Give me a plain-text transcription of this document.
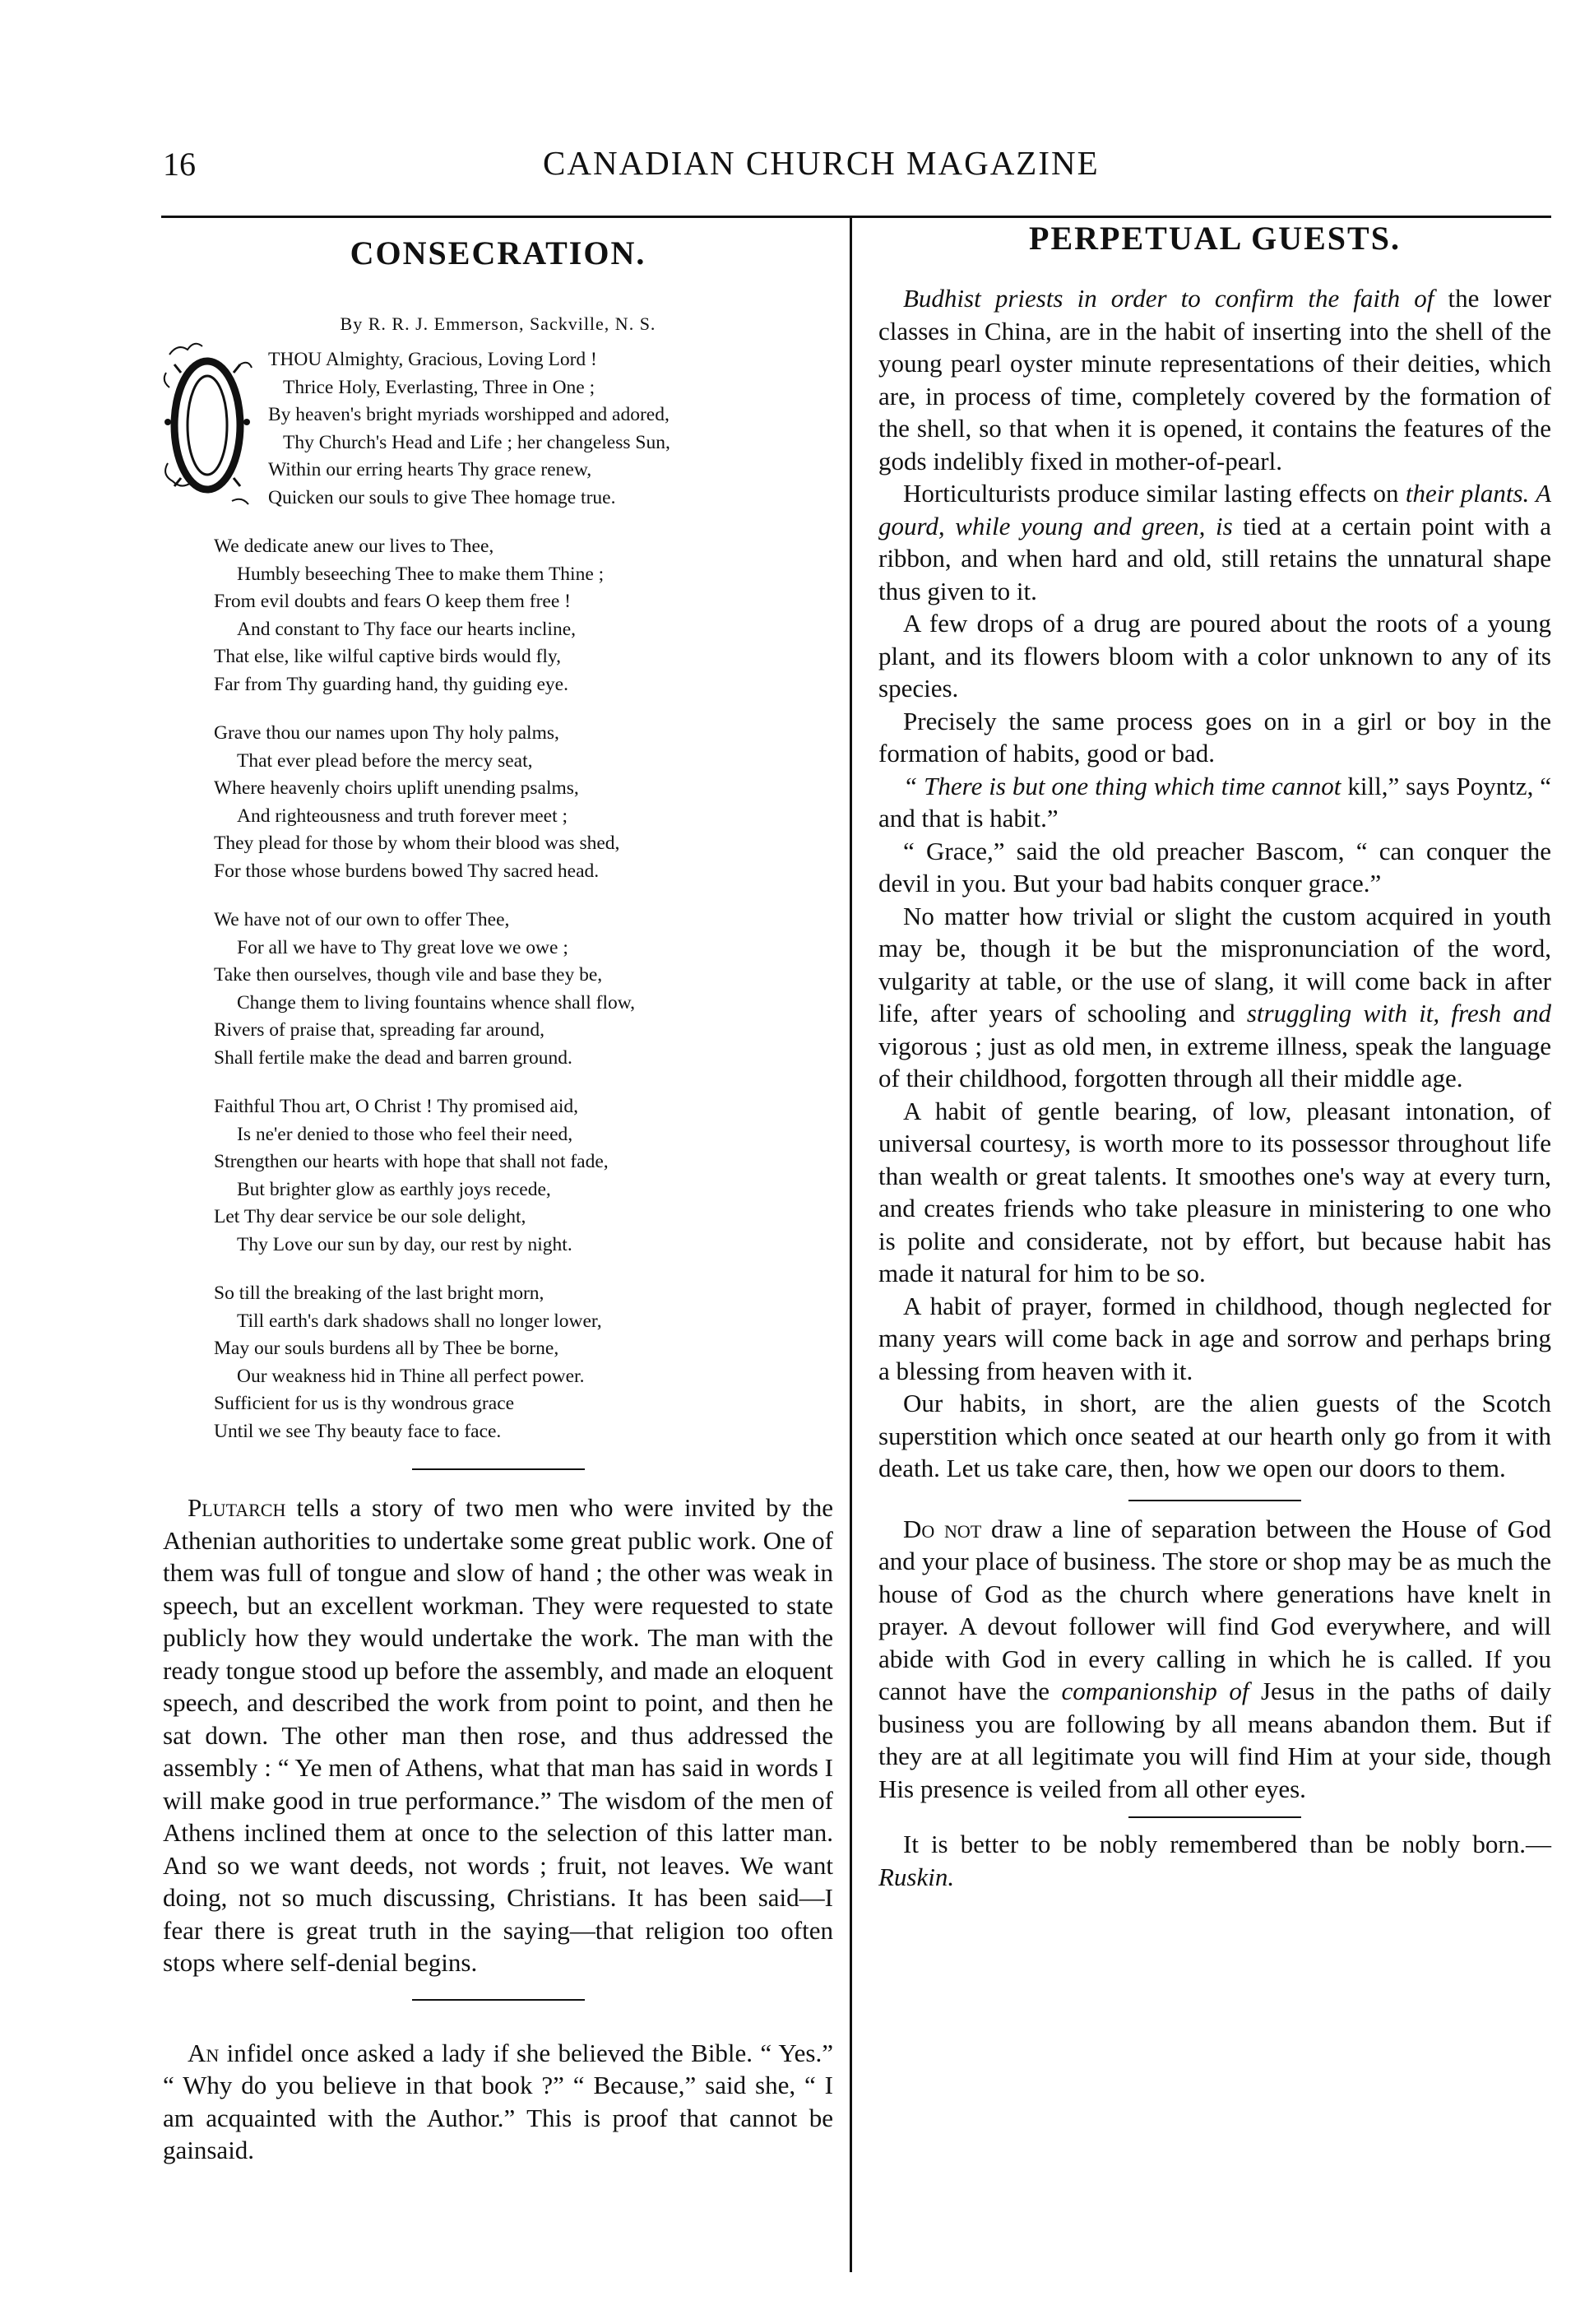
16	CANADIAN CHURCH MAGAZINE
CONSECRATION.
By R. R. J. Emmerson, Sackville, N. S.
THOU Almighty, Gracious, Loving Lord !
Thrice Holy, Everlasting, Three in One ;
By heaven's bright myriads worshipped and adored,
Thy Church's Head and Life ; her changeless Sun,
Within our erring hearts Thy grace renew,
Quicken our souls to give Thee homage true.
We dedicate anew our lives to Thee,
Humbly beseeching Thee to make them Thine ;
From evil doubts and fears O keep them free !
And constant to Thy face our hearts incline,
That else, like wilful captive birds would fly,
Far from Thy guarding hand, thy guiding eye.
Grave thou our names upon Thy holy palms,
That ever plead before the mercy seat,
Where heavenly choirs uplift unending psalms,
And righteousness and truth forever meet ;
They plead for those by whom their blood was shed,
For those whose burdens bowed Thy sacred head.
We have not of our own to offer Thee,
For all we have to Thy great love we owe ;
Take then ourselves, though vile and base they be,
Change them to living fountains whence shall flow,
Rivers of praise that, spreading far around,
Shall fertile make the dead and barren ground.
Faithful Thou art, O Christ ! Thy promised aid,
Is ne'er denied to those who feel their need,
Strengthen our hearts with hope that shall not fade,
But brighter glow as earthly joys recede,
Let Thy dear service be our sole delight,
Thy Love our sun by day, our rest by night.
So till the breaking of the last bright morn,
Till earth's dark shadows shall no longer lower,
May our souls burdens all by Thee be borne,
Our weakness hid in Thine all perfect power.
Sufficient for us is thy wondrous grace
Until we see Thy beauty face to face.

Plutarch tells a story of two men who were invited by the Athenian authorities to undertake some great public work. One of them was full of tongue and slow of hand ; the other was weak in speech, but an excellent workman. They were requested to state publicly how they would undertake the work. The man with the ready tongue stood up before the assembly, and made an eloquent speech, and described the work from point to point, and then he sat down. The other man then rose, and thus addressed the assembly : “ Ye men of Athens, what that man has said in words I will make good in true performance.” The wisdom of the men of Athens inclined them at once to the selection of this latter man. And so we want deeds, not words ; fruit, not leaves. We want doing, not so much discussing, Christians. It has been said—I fear there is great truth in the saying—that religion too often stops where self-denial begins.

An infidel once asked a lady if she believed the Bible. “ Yes.” “ Why do you believe in that book ?” “ Because,” said she, “ I am acquainted with the Author.” This is proof that cannot be gainsaid.

PERPETUAL GUESTS.

Budhist priests in order to confirm the faith of the lower classes in China, are in the habit of inserting into the shell of the young pearl oyster minute representations of their deities, which are, in process of time, completely covered by the formation of the shell, so that when it is opened, it contains the features of the gods indelibly fixed in mother-of-pearl.

Horticulturists produce similar lasting effects on their plants. A gourd, while young and green, is tied at a certain point with a ribbon, and when hard and old, still retains the unnatural shape thus given to it.

A few drops of a drug are poured about the roots of a young plant, and its flowers bloom with a color unknown to any of its species.

Precisely the same process goes on in a girl or boy in the formation of habits, good or bad.

“ There is but one thing which time cannot kill,” says Poyntz, “ and that is habit.”

“ Grace,” said the old preacher Bascom, “ can conquer the devil in you. But your bad habits conquer grace.”

No matter how trivial or slight the custom acquired in youth may be, though it be but the mispronunciation of the word, vulgarity at table, or the use of slang, it will come back in after life, after years of schooling and struggling with it, fresh and vigorous ; just as old men, in extreme illness, speak the language of their childhood, forgotten through all their middle age.

A habit of gentle bearing, of low, pleasant intonation, of universal courtesy, is worth more to its possessor throughout life than wealth or great talents. It smoothes one's way at every turn, and creates friends who take pleasure in ministering to one who is polite and considerate, not by effort, but because habit has made it natural for him to be so.

A habit of prayer, formed in childhood, though neglected for many years will come back in age and sorrow and perhaps bring a blessing from heaven with it.

Our habits, in short, are the alien guests of the Scotch superstition which once seated at our hearth only go from it with death. Let us take care, then, how we open our doors to them.

Do not draw a line of separation between the House of God and your place of business. The store or shop may be as much the house of God as the church where generations have knelt in prayer. A devout follower will find God everywhere, and will abide with God in every calling in which he is called. If you cannot have the companionship of Jesus in the paths of daily business you are following by all means abandon them. But if they are at all legitimate you will find Him at your side, though His presence is veiled from all other eyes.

It is better to be nobly remembered than be nobly born.—Ruskin.
